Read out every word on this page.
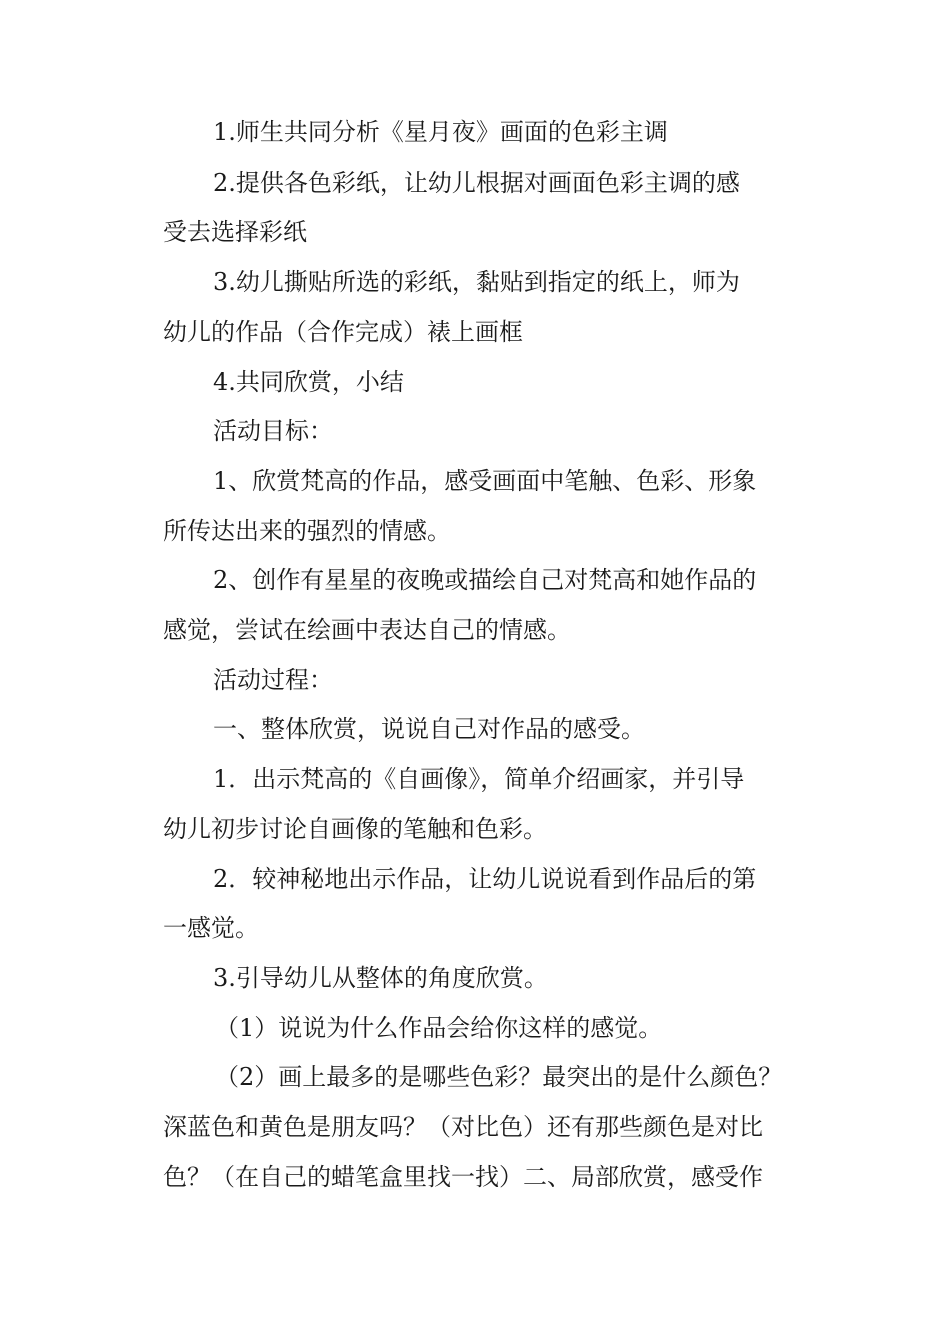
1.师生共同分析《星月夜》画面的色彩主调

2.提供各色彩纸，让幼儿根据对画面色彩主调的感

受去选择彩纸

3.幼儿撕贴所选的彩纸，黏贴到指定的纸上，师为

幼儿的作品（合作完成）裱上画框

4.共同欣赏，小结

活动目标：

1、欣赏梵高的作品，感受画面中笔触、色彩、形象

所传达出来的强烈的情感。

2、创作有星星的夜晚或描绘自己对梵高和她作品的

感觉，尝试在绘画中表达自己的情感。

活动过程：

一、整体欣赏，说说自己对作品的感受。

1．出示梵高的《自画像》，简单介绍画家，并引导

幼儿初步讨论自画像的笔触和色彩。

2．较神秘地出示作品，让幼儿说说看到作品后的第

一感觉。

3.引导幼儿从整体的角度欣赏。

（1）说说为什么作品会给你这样的感觉。

（2）画上最多的是哪些色彩？最突出的是什么颜色？

深蓝色和黄色是朋友吗？（对比色）还有那些颜色是对比

色？（在自己的蜡笔盒里找一找）二、局部欣赏，感受作
